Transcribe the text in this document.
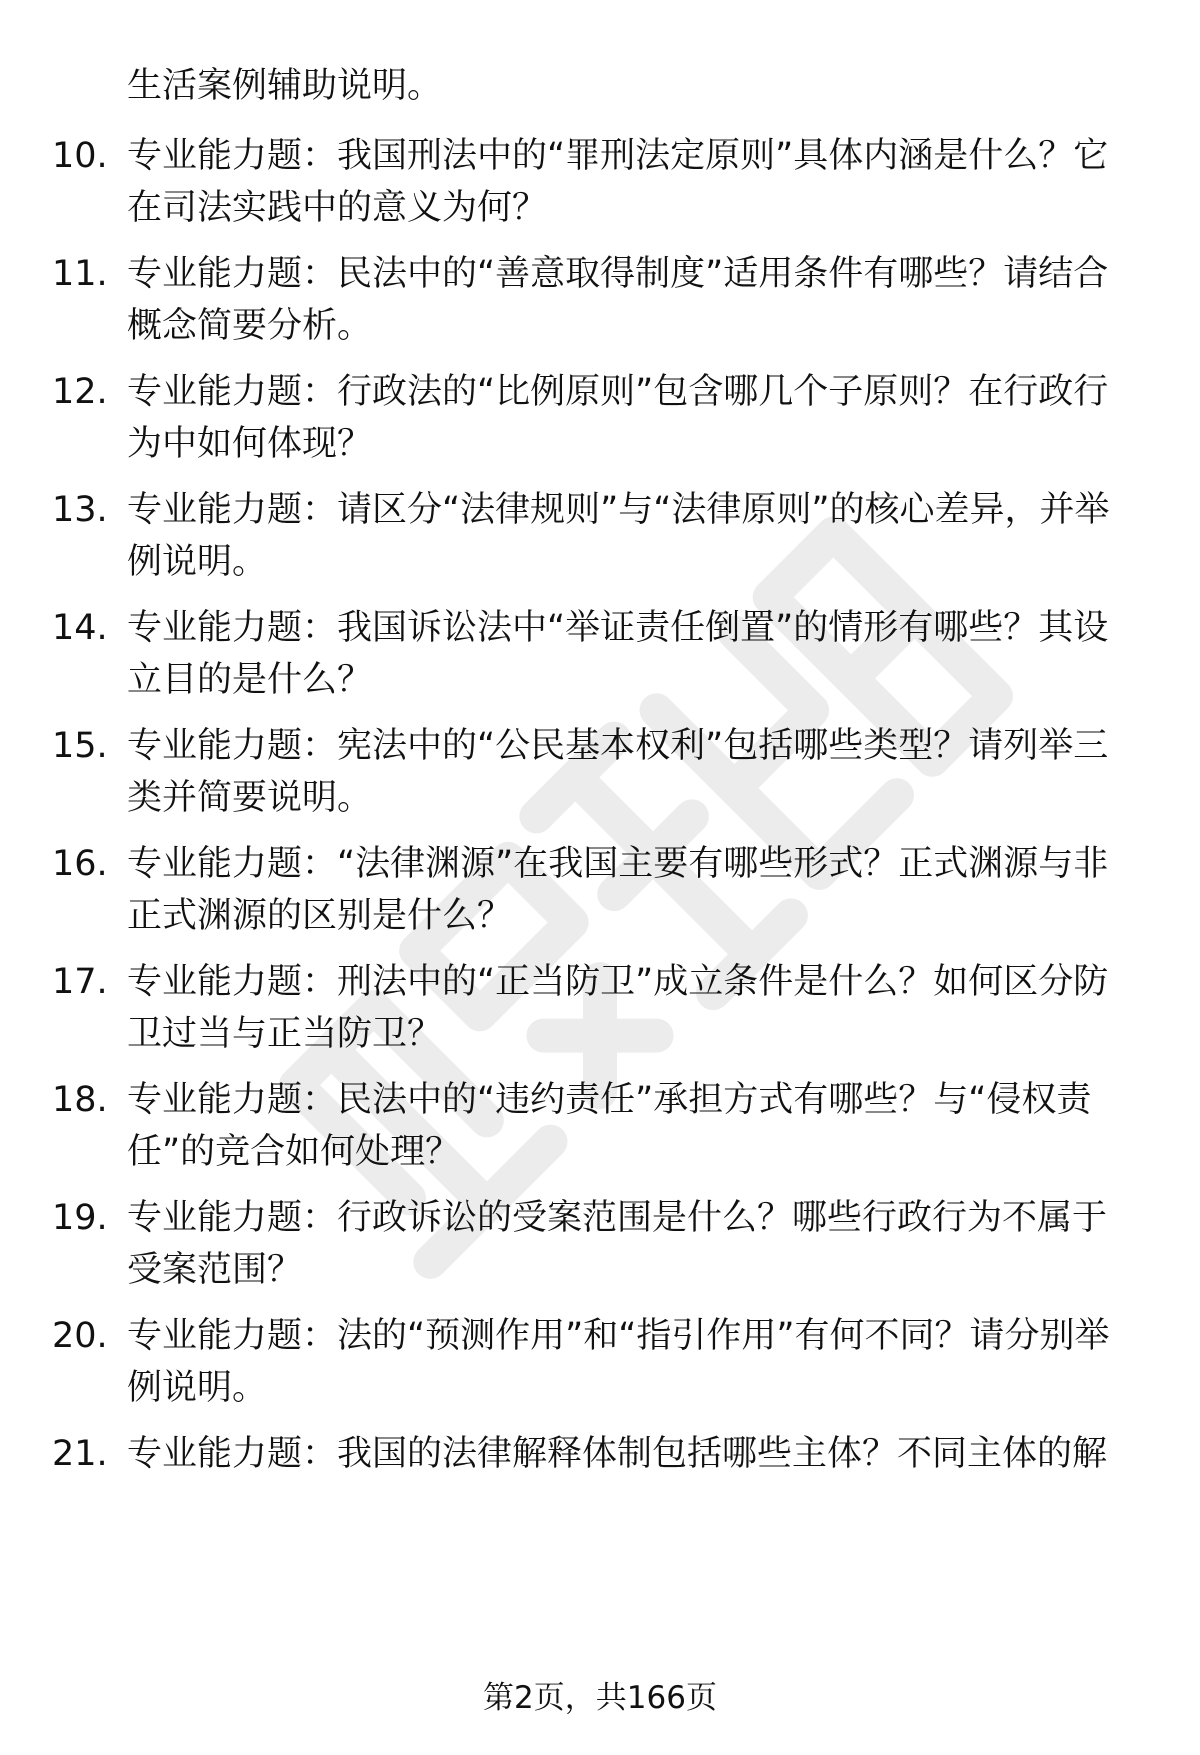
生活案例辅助说明。

10. 专业能力题：我国刑法中的“罪刑法定原则”具体内涵是什么？它在司法实践中的意义为何？

11. 专业能力题：民法中的“善意取得制度”适用条件有哪些？请结合概念简要分析。

12. 专业能力题：行政法的“比例原则”包含哪几个子原则？在行政行为中如何体现？

13. 专业能力题：请区分“法律规则”与“法律原则”的核心差异，并举例说明。

14. 专业能力题：我国诉讼法中“举证责任倒置”的情形有哪些？其设立目的是什么？

15. 专业能力题：宪法中的“公民基本权利”包括哪些类型？请列举三类并简要说明。

16. 专业能力题：“法律渊源”在我国主要有哪些形式？正式渊源与非正式渊源的区别是什么？

17. 专业能力题：刑法中的“正当防卫”成立条件是什么？如何区分防卫过当与正当防卫？

18. 专业能力题：民法中的“违约责任”承担方式有哪些？与“侵权责任”的竞合如何处理？

19. 专业能力题：行政诉讼的受案范围是什么？哪些行政行为不属于受案范围？

20. 专业能力题：法的“预测作用”和“指引作用”有何不同？请分别举例说明。

21. 专业能力题：我国的法律解释体制包括哪些主体？不同主体的解

第2页，共166页
